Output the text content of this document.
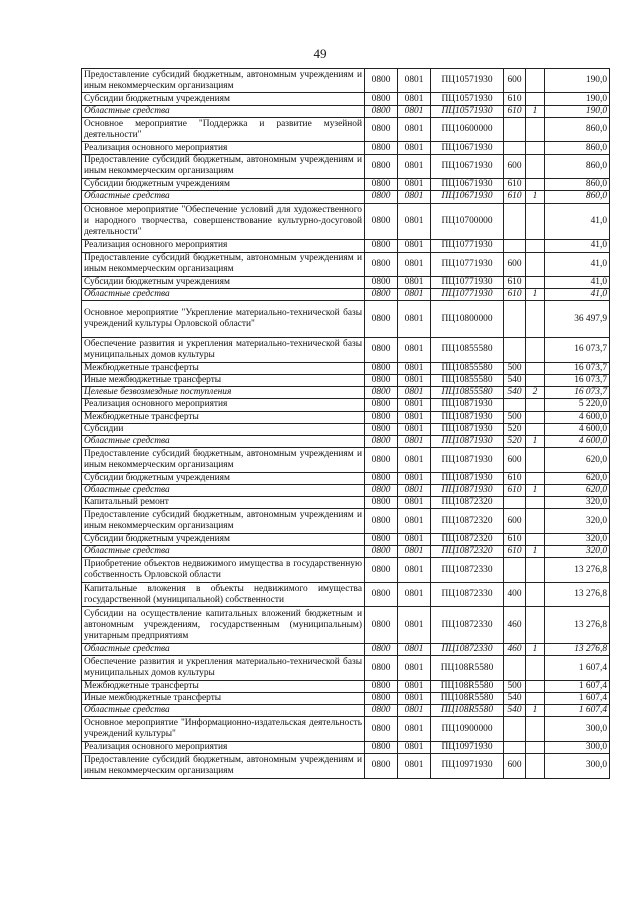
49
Предоставление субсидий бюджетным, автономным учреждениям и иным некоммерческим организациям	0800	0801	ПЦ10571930	600		190,0
Субсидии бюджетным учреждениям	0800	0801	ПЦ10571930	610		190,0
Областные средства	0800	0801	ПЦ10571930	610	1	190,0
Основное мероприятие "Поддержка и развитие музейной деятельности"	0800	0801	ПЦ10600000			860,0
Реализация основного мероприятия	0800	0801	ПЦ10671930			860,0
Предоставление субсидий бюджетным, автономным учреждениям и иным некоммерческим организациям	0800	0801	ПЦ10671930	600		860,0
Субсидии бюджетным учреждениям	0800	0801	ПЦ10671930	610		860,0
Областные средства	0800	0801	ПЦ10671930	610	1	860,0
Основное мероприятие "Обеспечение условий для художественного и народного творчества, совершенствование культурно-досуговой деятельности"	0800	0801	ПЦ10700000			41,0
Реализация основного мероприятия	0800	0801	ПЦ10771930			41,0
Предоставление субсидий бюджетным, автономным учреждениям и иным некоммерческим организациям	0800	0801	ПЦ10771930	600		41,0
Субсидии бюджетным учреждениям	0800	0801	ПЦ10771930	610		41,0
Областные средства	0800	0801	ПЦ10771930	610	1	41,0
Основное мероприятие "Укрепление материально-технической базы учреждений культуры Орловской области"	0800	0801	ПЦ10800000			36 497,9
Обеспечение развития и укрепления материально-технической базы муниципальных домов культуры	0800	0801	ПЦ10855580			16 073,7
Межбюджетные трансферты	0800	0801	ПЦ10855580	500		16 073,7
Иные межбюджетные трансферты	0800	0801	ПЦ10855580	540		16 073,7
Целевые безвозмездные поступления	0800	0801	ПЦ10855580	540	2	16 073,7
Реализация основного мероприятия	0800	0801	ПЦ10871930			5 220,0
Межбюджетные трансферты	0800	0801	ПЦ10871930	500		4 600,0
Субсидии	0800	0801	ПЦ10871930	520		4 600,0
Областные средства	0800	0801	ПЦ10871930	520	1	4 600,0
Предоставление субсидий бюджетным, автономным учреждениям и иным некоммерческим организациям	0800	0801	ПЦ10871930	600		620,0
Субсидии бюджетным учреждениям	0800	0801	ПЦ10871930	610		620,0
Областные средства	0800	0801	ПЦ10871930	610	1	620,0
Капитальный ремонт	0800	0801	ПЦ10872320			320,0
Предоставление субсидий бюджетным, автономным учреждениям и иным некоммерческим организациям	0800	0801	ПЦ10872320	600		320,0
Субсидии бюджетным учреждениям	0800	0801	ПЦ10872320	610		320,0
Областные средства	0800	0801	ПЦ10872320	610	1	320,0
Приобретение объектов недвижимого имущества в государственную собственность Орловской области	0800	0801	ПЦ10872330			13 276,8
Капитальные вложения в объекты недвижимого имущества государственной (муниципальной) собственности	0800	0801	ПЦ10872330	400		13 276,8
Субсидии на осуществление капитальных вложений бюджетным и автономным учреждениям, государственным (муниципальным) унитарным предприятиям	0800	0801	ПЦ10872330	460		13 276,8
Областные средства	0800	0801	ПЦ10872330	460	1	13 276,8
Обеспечение развития и укрепления материально-технической базы муниципальных домов культуры	0800	0801	ПЦ108R5580			1 607,4
Межбюджетные трансферты	0800	0801	ПЦ108R5580	500		1 607,4
Иные межбюджетные трансферты	0800	0801	ПЦ108R5580	540		1 607,4
Областные средства	0800	0801	ПЦ108R5580	540	1	1 607,4
Основное мероприятие "Информационно-издательская деятельность учреждений культуры"	0800	0801	ПЦ10900000			300,0
Реализация основного мероприятия	0800	0801	ПЦ10971930			300,0
Предоставление субсидий бюджетным, автономным учреждениям и иным некоммерческим организациям	0800	0801	ПЦ10971930	600		300,0
